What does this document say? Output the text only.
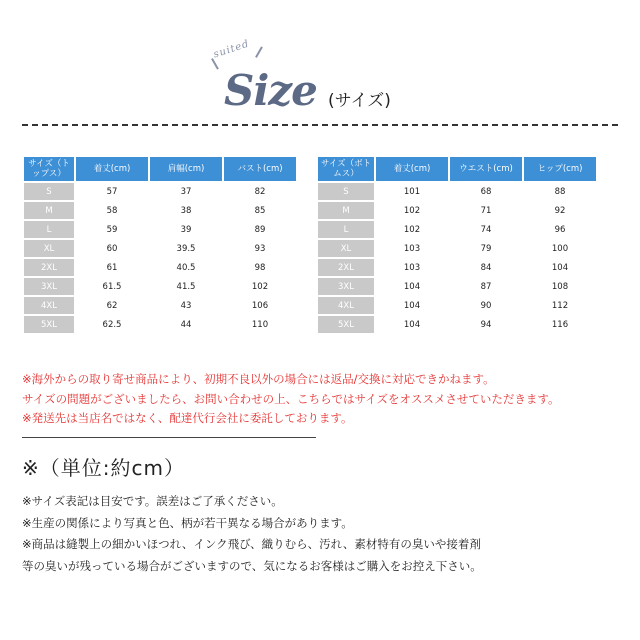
suited
Size (サイズ)
サイズ（トップス）	着丈(cm)	肩幅(cm)	バスト(cm)
S	57	37	82
M	58	38	85
L	59	39	89
XL	60	39.5	93
2XL	61	40.5	98
3XL	61.5	41.5	102
4XL	62	43	106
5XL	62.5	44	110
サイズ（ボトムス）	着丈(cm)	ウエスト(cm)	ヒップ(cm)
S	101	68	88
M	102	71	92
L	102	74	96
XL	103	79	100
2XL	103	84	104
3XL	104	87	108
4XL	104	90	112
5XL	104	94	116
※海外からの取り寄せ商品により、初期不良以外の場合には返品/交換に対応できかねます。
サイズの問題がございましたら、お問い合わせの上、こちらではサイズをオススメさせていただきます。
※発送先は当店名ではなく、配達代行会社に委託しております。
※（単位:約cm）
※サイズ表記は目安です。誤差はご了承ください。
※生産の関係により写真と色、柄が若干異なる場合があります。
※商品は縫製上の細かいほつれ、インク飛び、織りむら、汚れ、素材特有の臭いや接着剤
等の臭いが残っている場合がございますので、気になるお客様はご購入をお控え下さい。
